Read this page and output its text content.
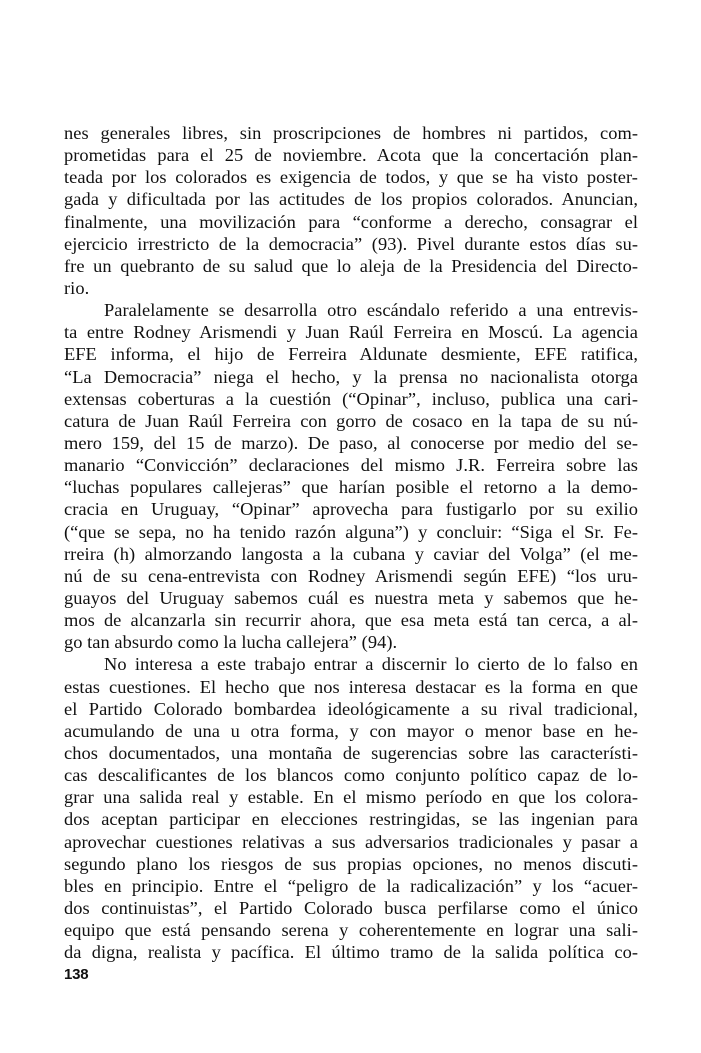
nes generales libres, sin proscripciones de hombres ni partidos, com-
prometidas para el 25 de noviembre. Acota que la concertación plan-
teada por los colorados es exigencia de todos, y que se ha visto poster-
gada y dificultada por las actitudes de los propios colorados. Anuncian,
finalmente, una movilización para “conforme a derecho, consagrar el
ejercicio irrestricto de la democracia” (93). Pivel durante estos días su-
fre un quebranto de su salud que lo aleja de la Presidencia del Directo-
rio.
Paralelamente se desarrolla otro escándalo referido a una entrevis-
ta entre Rodney Arismendi y Juan Raúl Ferreira en Moscú. La agencia
EFE informa, el hijo de Ferreira Aldunate desmiente, EFE ratifica,
“La Democracia” niega el hecho, y la prensa no nacionalista otorga
extensas coberturas a la cuestión (“Opinar”, incluso, publica una cari-
catura de Juan Raúl Ferreira con gorro de cosaco en la tapa de su nú-
mero 159, del 15 de marzo). De paso, al conocerse por medio del se-
manario “Convicción” declaraciones del mismo J.R. Ferreira sobre las
“luchas populares callejeras” que harían posible el retorno a la demo-
cracia en Uruguay, “Opinar” aprovecha para fustigarlo por su exilio
(“que se sepa, no ha tenido razón alguna”) y concluir: “Siga el Sr. Fe-
rreira (h) almorzando langosta a la cubana y caviar del Volga” (el me-
nú de su cena-entrevista con Rodney Arismendi según EFE) “los uru-
guayos del Uruguay sabemos cuál es nuestra meta y sabemos que he-
mos de alcanzarla sin recurrir ahora, que esa meta está tan cerca, a al-
go tan absurdo como la lucha callejera” (94).
No interesa a este trabajo entrar a discernir lo cierto de lo falso en
estas cuestiones. El hecho que nos interesa destacar es la forma en que
el Partido Colorado bombardea ideológicamente a su rival tradicional,
acumulando de una u otra forma, y con mayor o menor base en he-
chos documentados, una montaña de sugerencias sobre las característi-
cas descalificantes de los blancos como conjunto político capaz de lo-
grar una salida real y estable. En el mismo período en que los colora-
dos aceptan participar en elecciones restringidas, se las ingenian para
aprovechar cuestiones relativas a sus adversarios tradicionales y pasar a
segundo plano los riesgos de sus propias opciones, no menos discuti-
bles en principio. Entre el “peligro de la radicalización” y los “acuer-
dos continuistas”, el Partido Colorado busca perfilarse como el único
equipo que está pensando serena y coherentemente en lograr una sali-
da digna, realista y pacífica. El último tramo de la salida política co-
138
